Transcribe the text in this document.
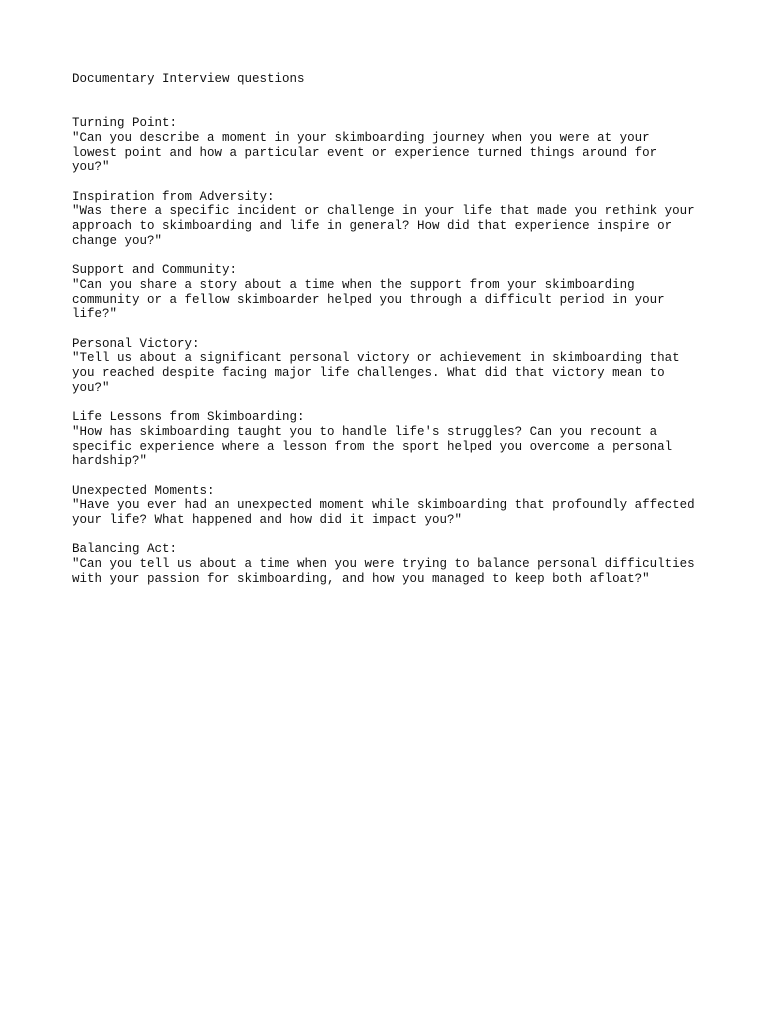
Documentary Interview questions
Turning Point:
"Can you describe a moment in your skimboarding journey when you were at your
lowest point and how a particular event or experience turned things around for
you?"
Inspiration from Adversity:
"Was there a specific incident or challenge in your life that made you rethink your
approach to skimboarding and life in general? How did that experience inspire or
change you?"
Support and Community:
"Can you share a story about a time when the support from your skimboarding
community or a fellow skimboarder helped you through a difficult period in your
life?"
Personal Victory:
"Tell us about a significant personal victory or achievement in skimboarding that
you reached despite facing major life challenges. What did that victory mean to
you?"
Life Lessons from Skimboarding:
"How has skimboarding taught you to handle life's struggles? Can you recount a
specific experience where a lesson from the sport helped you overcome a personal
hardship?"
Unexpected Moments:
"Have you ever had an unexpected moment while skimboarding that profoundly affected
your life? What happened and how did it impact you?"
Balancing Act:
"Can you tell us about a time when you were trying to balance personal difficulties
with your passion for skimboarding, and how you managed to keep both afloat?"
